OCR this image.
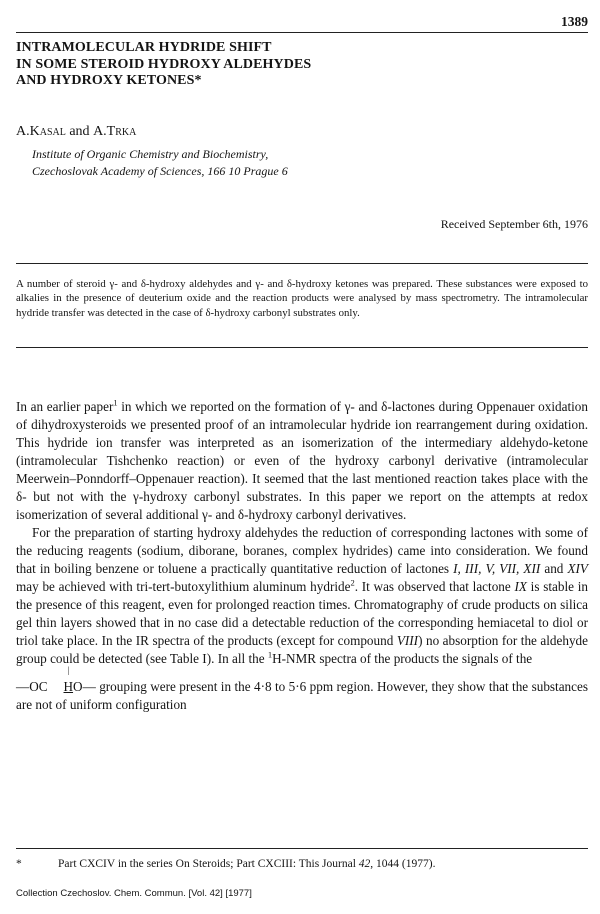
1389
INTRAMOLECULAR HYDRIDE SHIFT
IN SOME STEROID HYDROXY ALDEHYDES
AND HYDROXY KETONES*
A.Kasal and A.Trka
Institute of Organic Chemistry and Biochemistry,
Czechoslovak Academy of Sciences, 166 10 Prague 6
Received September 6th, 1976
A number of steroid γ- and δ-hydroxy aldehydes and γ- and δ-hydroxy ketones was prepared. These substances were exposed to alkalies in the presence of deuterium oxide and the reaction products were analysed by mass spectrometry. The intramolecular hydride transfer was detected in the case of δ-hydroxy carbonyl substrates only.

In an earlier paper$^1$ in which we reported on the formation of γ- and δ-lactones during Oppenauer oxidation of dihydroxysteroids we presented proof of an intramolecular hydride ion rearrangement during oxidation. This hydride ion transfer was interpreted as an isomerization of the intermediary aldehydo-ketone (intramolecular Tishchenko reaction) or even of the hydroxy carbonyl derivative (intramolecular Meerwein–Ponndorff–Oppenauer reaction). It seemed that the last mentioned reaction takes place with the δ- but not with the γ-hydroxy carbonyl substrates. In this paper we report on the attempts at redox isomerization of several additional γ- and δ-hydroxy carbonyl derivatives.

For the preparation of starting hydroxy aldehydes the reduction of corresponding lactones with some of the reducing reagents (sodium, diborane, boranes, complex hydrides) came into consideration. We found that in boiling benzene or toluene a practically quantitative reduction of lactones I, III, V, VII, XII and XIV may be achieved with tri-tert-butoxylithium aluminum hydride$^2$. It was observed that lactone IX is stable in the presence of this reagent, even for prolonged reaction times. Chromatography of crude products on silica gel thin layers showed that in no case did a detectable reduction of the corresponding hemiacetal to diol or triol take place. In the IR spectra of the products (except for compound VIII) no absorption for the aldehyde group could be detected (see Table I). In all the $^1$H-NMR spectra of the products the signals of the
—OC| HO— grouping were present in the 4·8 to 5·6 ppm region. However, they show that the substances are not of uniform configuration

*	Part CXCIV in the series On Steroids; Part CXCIII: This Journal 42, 1044 (1977).
Collection Czechoslov. Chem. Commun. [Vol. 42] [1977]
